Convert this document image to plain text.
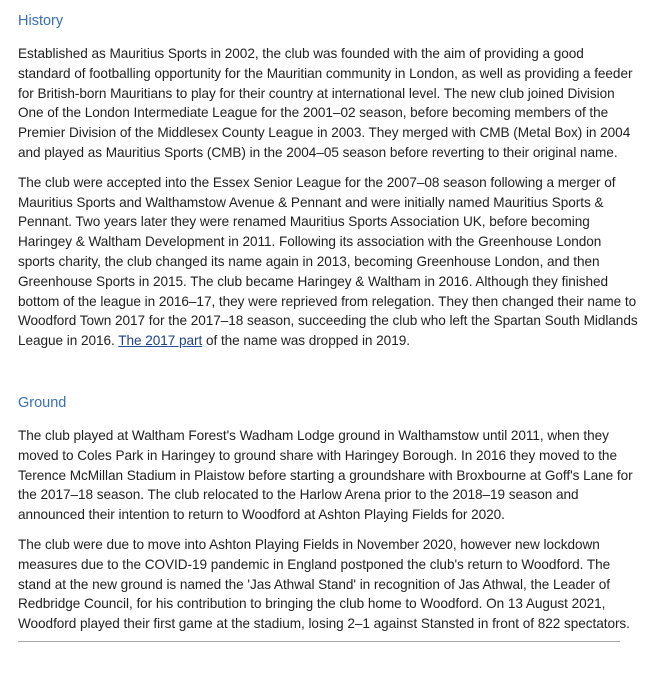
History

Established as Mauritius Sports in 2002, the club was founded with the aim of providing a good standard of footballing opportunity for the Mauritian community in London, as well as providing a feeder for British-born Mauritians to play for their country at international level. The new club joined Division One of the London Intermediate League for the 2001–02 season, before becoming members of the Premier Division of the Middlesex County League in 2003. They merged with CMB (Metal Box) in 2004 and played as Mauritius Sports (CMB) in the 2004–05 season before reverting to their original name.

The club were accepted into the Essex Senior League for the 2007–08 season following a merger of Mauritius Sports and Walthamstow Avenue & Pennant and were initially named Mauritius Sports & Pennant. Two years later they were renamed Mauritius Sports Association UK, before becoming Haringey & Waltham Development in 2011. Following its association with the Greenhouse London sports charity, the club changed its name again in 2013, becoming Greenhouse London, and then Greenhouse Sports in 2015. The club became Haringey & Waltham in 2016. Although they finished bottom of the league in 2016–17, they were reprieved from relegation. They then changed their name to Woodford Town 2017 for the 2017–18 season, succeeding the club who left the Spartan South Midlands League in 2016. The 2017 part of the name was dropped in 2019.

Ground

The club played at Waltham Forest's Wadham Lodge ground in Walthamstow until 2011, when they moved to Coles Park in Haringey to ground share with Haringey Borough. In 2016 they moved to the Terence McMillan Stadium in Plaistow before starting a groundshare with Broxbourne at Goff's Lane for the 2017–18 season. The club relocated to the Harlow Arena prior to the 2018–19 season and announced their intention to return to Woodford at Ashton Playing Fields for 2020.

The club were due to move into Ashton Playing Fields in November 2020, however new lockdown measures due to the COVID-19 pandemic in England postponed the club's return to Woodford. The stand at the new ground is named the 'Jas Athwal Stand' in recognition of Jas Athwal, the Leader of Redbridge Council, for his contribution to bringing the club home to Woodford. On 13 August 2021, Woodford played their first game at the stadium, losing 2–1 against Stansted in front of 822 spectators.
